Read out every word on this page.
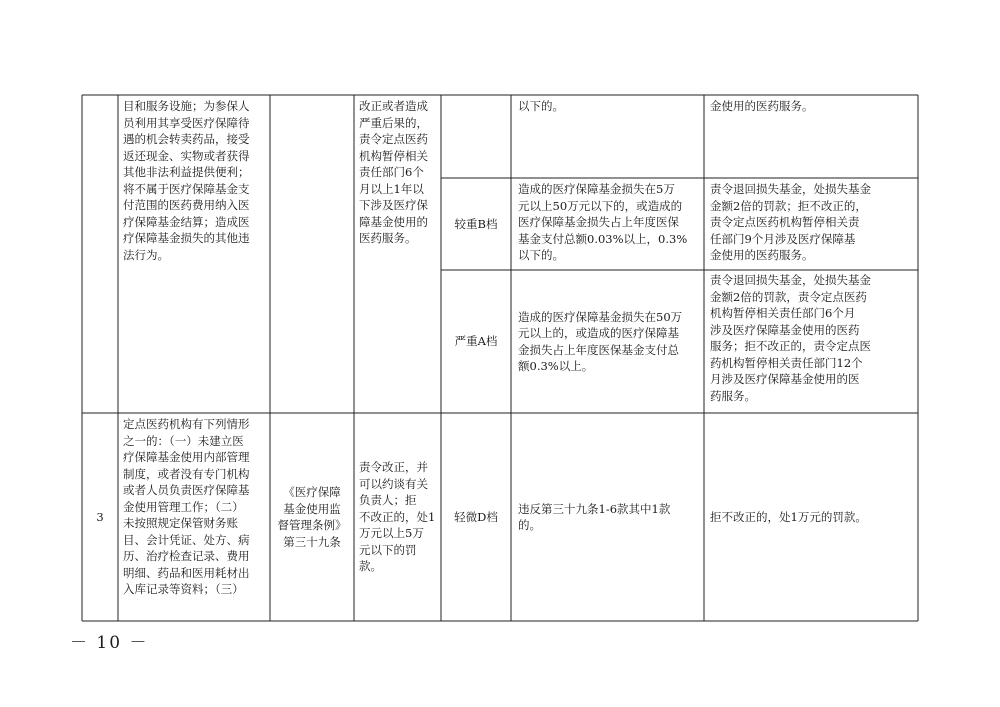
目和服务设施；为参保人
员利用其享受医疗保障待
遇的机会转卖药品，接受
返还现金、实物或者获得
其他非法利益提供便利；
将不属于医疗保障基金支
付范围的医药费用纳入医
疗保障基金结算；造成医
疗保障基金损失的其他违
法行为。
改正或者造成
严重后果的，
责令定点医药
机构暂停相关
责任部门6个
月以上1年以
下涉及医疗保
障基金使用的
医药服务。
以下的。	金使用的医药服务。
较重B档
造成的医疗保障基金损失在5万
元以上50万元以下的，或造成的
医疗保障基金损失占上年度医保
基金支付总额0.03%以上，0.3%
以下的。
责令退回损失基金，处损失基金
金额2倍的罚款；拒不改正的，
责令定点医药机构暂停相关责
任部门9个月涉及医疗保障基
金使用的医药服务。
严重A档
造成的医疗保障基金损失在50万
元以上的，或造成的医疗保障基
金损失占上年度医保基金支付总
额0.3%以上。
责令退回损失基金，处损失基金
金额2倍的罚款，责令定点医药
机构暂停相关责任部门6个月
涉及医疗保障基金使用的医药
服务；拒不改正的，责令定点医
药机构暂停相关责任部门12个
月涉及医疗保障基金使用的医
药服务。
3
定点医药机构有下列情形
之一的：（一）未建立医
疗保障基金使用内部管理
制度，或者没有专门机构
或者人员负责医疗保障基
金使用管理工作；（二）
未按照规定保管财务账
目、会计凭证、处方、病
历、治疗检查记录、费用
明细、药品和医用耗材出
入库记录等资料；（三）
《医疗保障
基金使用监
督管理条例》
第三十九条
责令改正，并
可以约谈有关
负责人；拒
不改正的，处1
万元以上5万
元以下的罚
款。
轻微D档
违反第三十九条1-6款其中1款
的。
拒不改正的，处1万元的罚款。
－ 10 －
